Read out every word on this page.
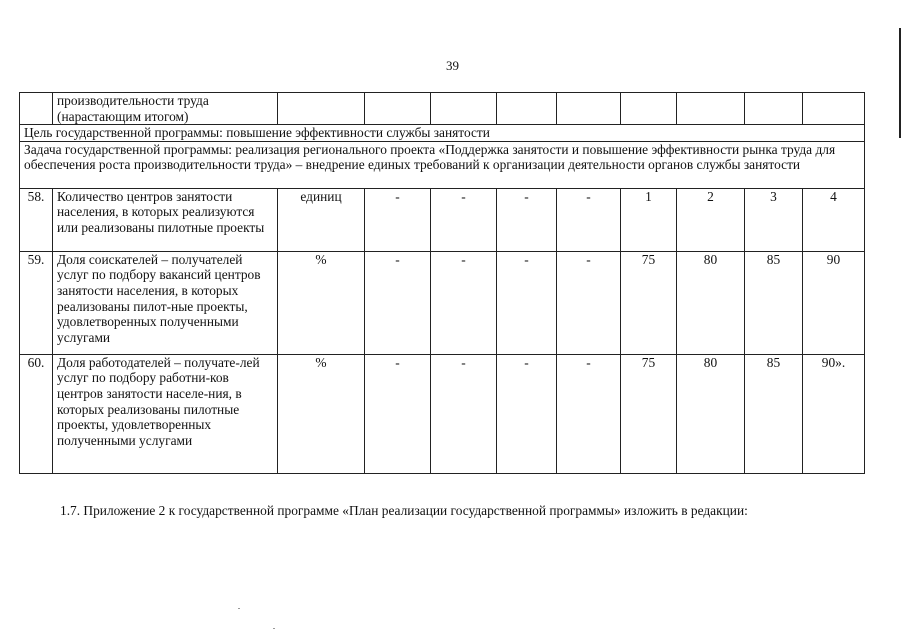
39
	производительности труда (нарастающим итогом)									
Цель государственной программы: повышение эффективности службы занятости										
Задача государственной программы: реализация регионального проекта «Поддержка занятости и повышение эффективности рынка труда для обеспечения роста производительности труда» – внедрение единых требований к организации деятельности органов службы занятости										
58.	Количество центров занятости населения, в которых реализуются или реализованы пилотные проекты	единиц	-	-	-	-	1	2	3	4
59.	Доля соискателей – получателей услуг по подбору вакансий центров занятости населения, в которых реализованы пилот-ные проекты, удовлетворенных полученными услугами	%	-	-	-	-	75	80	85	90
60.	Доля работодателей – получате-лей услуг по подбору работни-ков центров занятости населе-ния, в которых реализованы пилотные проекты, удовлетворенных полученными услугами	%	-	-	-	-	75	80	85	90».
1.7. Приложение 2 к государственной программе «План реализации государственной программы» изложить в редакции:
